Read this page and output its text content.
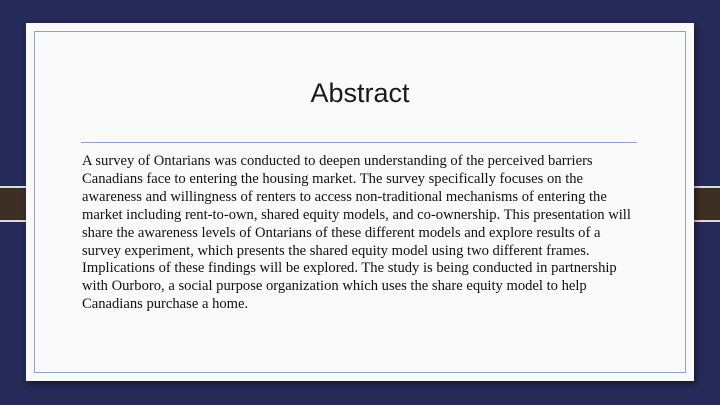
Abstract

A survey of Ontarians was conducted to deepen understanding of the perceived barriers Canadians face to entering the housing market. The survey specifically focuses on the awareness and willingness of renters to access non-traditional mechanisms of entering the market including rent-to-own, shared equity models, and co-ownership. This presentation will share the awareness levels of Ontarians of these different models and explore results of a survey experiment, which presents the shared equity model using two different frames. Implications of these findings will be explored. The study is being conducted in partnership with Ourboro, a social purpose organization which uses the share equity model to help Canadians purchase a home.
